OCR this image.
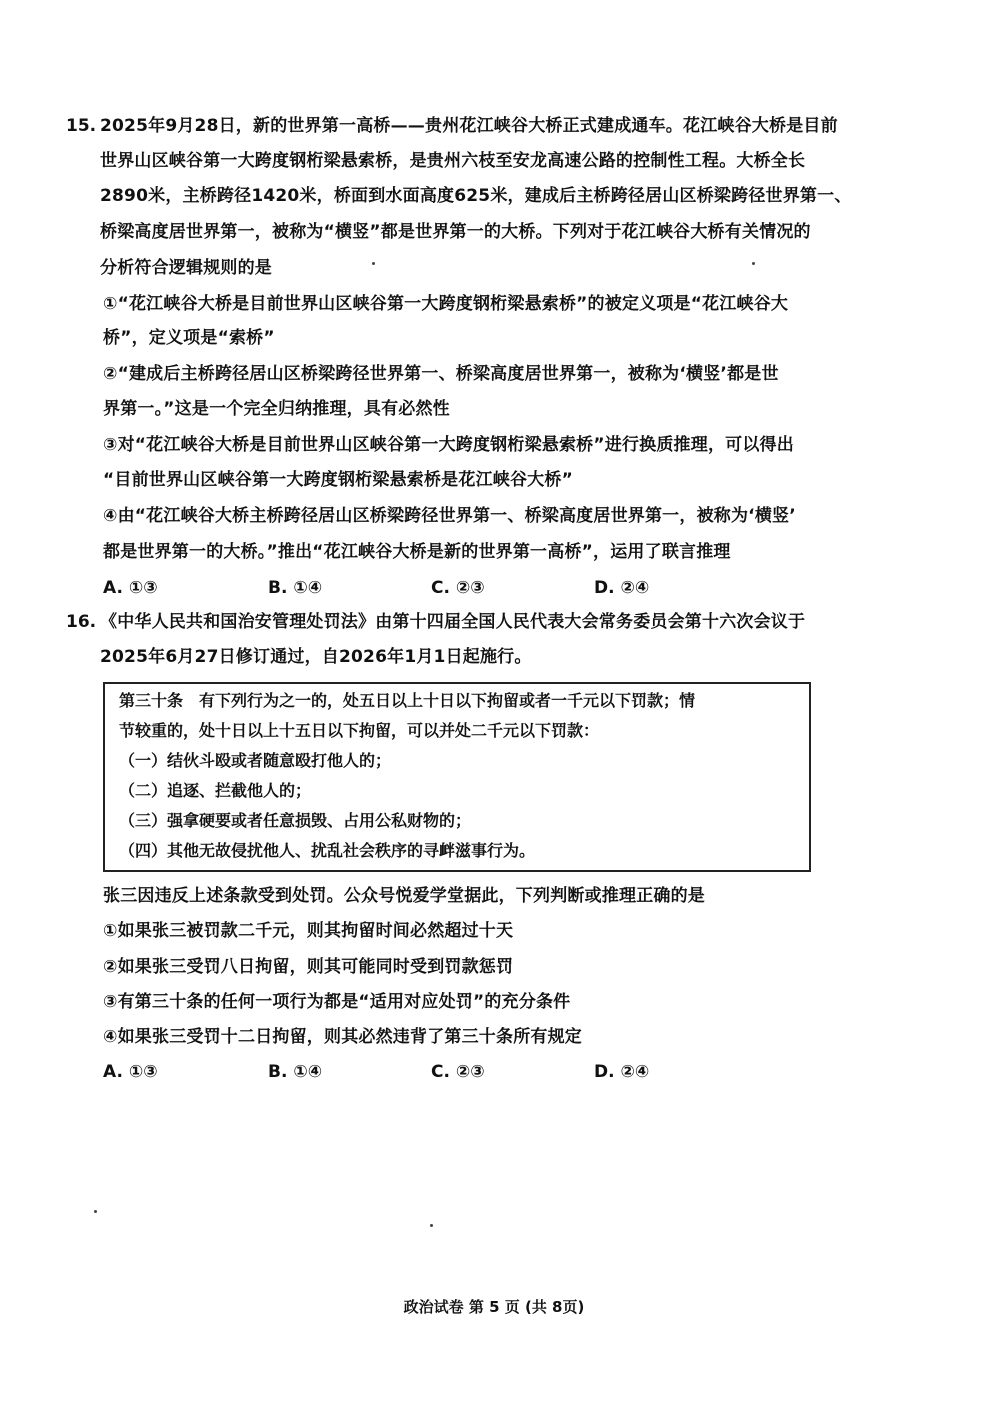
15. 2025年9月28日，新的世界第一高桥——贵州花江峡谷大桥正式建成通车。花江峡谷大桥是目前
世界山区峡谷第一大跨度钢桁梁悬索桥，是贵州六枝至安龙高速公路的控制性工程。大桥全长
2890米，主桥跨径1420米，桥面到水面高度625米，建成后主桥跨径居山区桥梁跨径世界第一、
桥梁高度居世界第一，被称为“横竖”都是世界第一的大桥。下列对于花江峡谷大桥有关情况的
分析符合逻辑规则的是
①“花江峡谷大桥是目前世界山区峡谷第一大跨度钢桁梁悬索桥”的被定义项是“花江峡谷大
桥”，定义项是“索桥”
②“建成后主桥跨径居山区桥梁跨径世界第一、桥梁高度居世界第一，被称为‘横竖’都是世
界第一。”这是一个完全归纳推理，具有必然性
③对“花江峡谷大桥是目前世界山区峡谷第一大跨度钢桁梁悬索桥”进行换质推理，可以得出
“目前世界山区峡谷第一大跨度钢桁梁悬索桥是花江峡谷大桥”
④由“花江峡谷大桥主桥跨径居山区桥梁跨径世界第一、桥梁高度居世界第一，被称为‘横竖’
都是世界第一的大桥。”推出“花江峡谷大桥是新的世界第一高桥”，运用了联言推理
A. ①③	B. ①④	C. ②③	D. ②④
16. 《中华人民共和国治安管理处罚法》由第十四届全国人民代表大会常务委员会第十六次会议于
2025年6月27日修订通过，自2026年1月1日起施行。
第三十条　有下列行为之一的，处五日以上十日以下拘留或者一千元以下罚款；情
节较重的，处十日以上十五日以下拘留，可以并处二千元以下罚款：
（一）结伙斗殴或者随意殴打他人的；
（二）追逐、拦截他人的；
（三）强拿硬要或者任意损毁、占用公私财物的；
（四）其他无故侵扰他人、扰乱社会秩序的寻衅滋事行为。
张三因违反上述条款受到处罚。公众号悦爱学堂据此，下列判断或推理正确的是
①如果张三被罚款二千元，则其拘留时间必然超过十天
②如果张三受罚八日拘留，则其可能同时受到罚款惩罚
③有第三十条的任何一项行为都是“适用对应处罚”的充分条件
④如果张三受罚十二日拘留，则其必然违背了第三十条所有规定
A. ①③	B. ①④	C. ②③	D. ②④
政治试卷 第 5 页 (共 8页)
